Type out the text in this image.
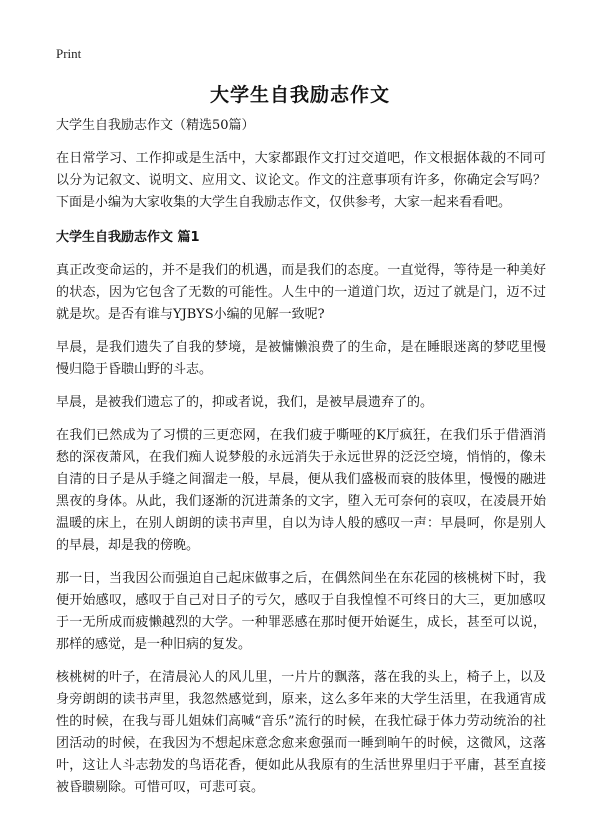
Print
大学生自我励志作文

大学生自我励志作文（精选50篇）

在日常学习、工作抑或是生活中，大家都跟作文打过交道吧，作文根据体裁的不同可以分为记叙文、说明文、应用文、议论文。作文的注意事项有许多，你确定会写吗？下面是小编为大家收集的大学生自我励志作文，仅供参考，大家一起来看看吧。

大学生自我励志作文 篇1

真正改变命运的，并不是我们的机遇，而是我们的态度。一直觉得，等待是一种美好的状态，因为它包含了无数的可能性。人生中的一道道门坎，迈过了就是门，迈不过就是坎。是否有谁与YJBYS小编的见解一致呢?

早晨，是我们遗失了自我的梦境，是被慵懒浪费了的生命，是在睡眼迷离的梦呓里慢慢归隐于昏聩山野的斗志。

早晨，是被我们遗忘了的，抑或者说，我们，是被早晨遗弃了的。

在我们已然成为了习惯的三更恋网，在我们疲于嘶哑的K厅疯狂，在我们乐于借酒消愁的深夜萧风，在我们痴人说梦般的永远消失于永远世界的泛泛空境，悄悄的，像未自清的日子是从手缝之间溜走一般，早晨，便从我们盛极而衰的肢体里，慢慢的融进黑夜的身体。从此，我们逐渐的沉进萧条的文字，堕入无可奈何的哀叹，在凌晨开始温暖的床上，在别人朗朗的读书声里，自以为诗人般的感叹一声：早晨呵，你是别人的早晨，却是我的傍晚。

那一日，当我因公而强迫自己起床做事之后，在偶然间坐在东花园的核桃树下时，我便开始感叹，感叹于自己对日子的亏欠，感叹于自我惶惶不可终日的大三，更加感叹于一无所成而疲懒越烈的大学。一种罪恶感在那时便开始诞生，成长，甚至可以说，那样的感觉，是一种旧病的复发。

核桃树的叶子，在清晨沁人的风儿里，一片片的飘落，落在我的头上，椅子上，以及身旁朗朗的读书声里，我忽然感觉到，原来，这么多年来的大学生活里，在我通宵成性的时候，在我与哥儿姐妹们高喊“音乐”流行的时候，在我忙碌于体力劳动统治的社团活动的时候，在我因为不想起床意念愈来愈强而一睡到晌午的时候，这微风，这落叶，这让人斗志勃发的鸟语花香，便如此从我原有的生活世界里归于平庸，甚至直接被昏聩剔除。可惜可叹，可悲可哀。
